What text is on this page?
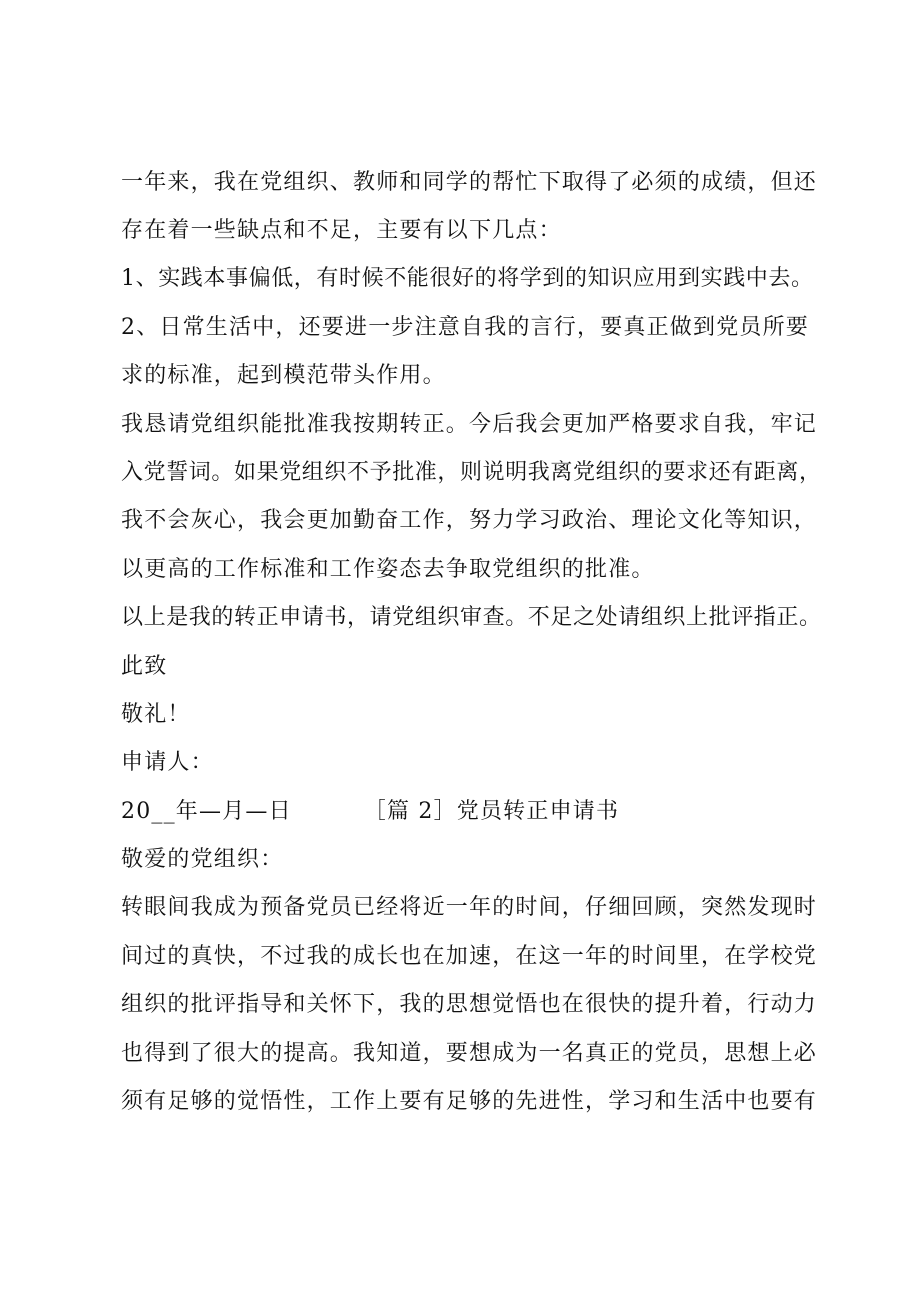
一年来，我在党组织、教师和同学的帮忙下取得了必须的成绩，但还
存在着一些缺点和不足，主要有以下几点：
1、实践本事偏低，有时候不能很好的将学到的知识应用到实践中去。
2、日常生活中，还要进一步注意自我的言行，要真正做到党员所要
求的标准，起到模范带头作用。
我恳请党组织能批准我按期转正。今后我会更加严格要求自我，牢记
入党誓词。如果党组织不予批准，则说明我离党组织的要求还有距离，
我不会灰心，我会更加勤奋工作，努力学习政治、理论文化等知识，
以更高的工作标准和工作姿态去争取党组织的批准。
以上是我的转正申请书，请党组织审查。不足之处请组织上批评指正。
此致
敬礼！
申请人：
20__年—月—日	［篇 2］党员转正申请书
敬爱的党组织：
转眼间我成为预备党员已经将近一年的时间，仔细回顾，突然发现时
间过的真快，不过我的成长也在加速，在这一年的时间里，在学校党
组织的批评指导和关怀下，我的思想觉悟也在很快的提升着，行动力
也得到了很大的提高。我知道，要想成为一名真正的党员，思想上必
须有足够的觉悟性，工作上要有足够的先进性，学习和生活中也要有
